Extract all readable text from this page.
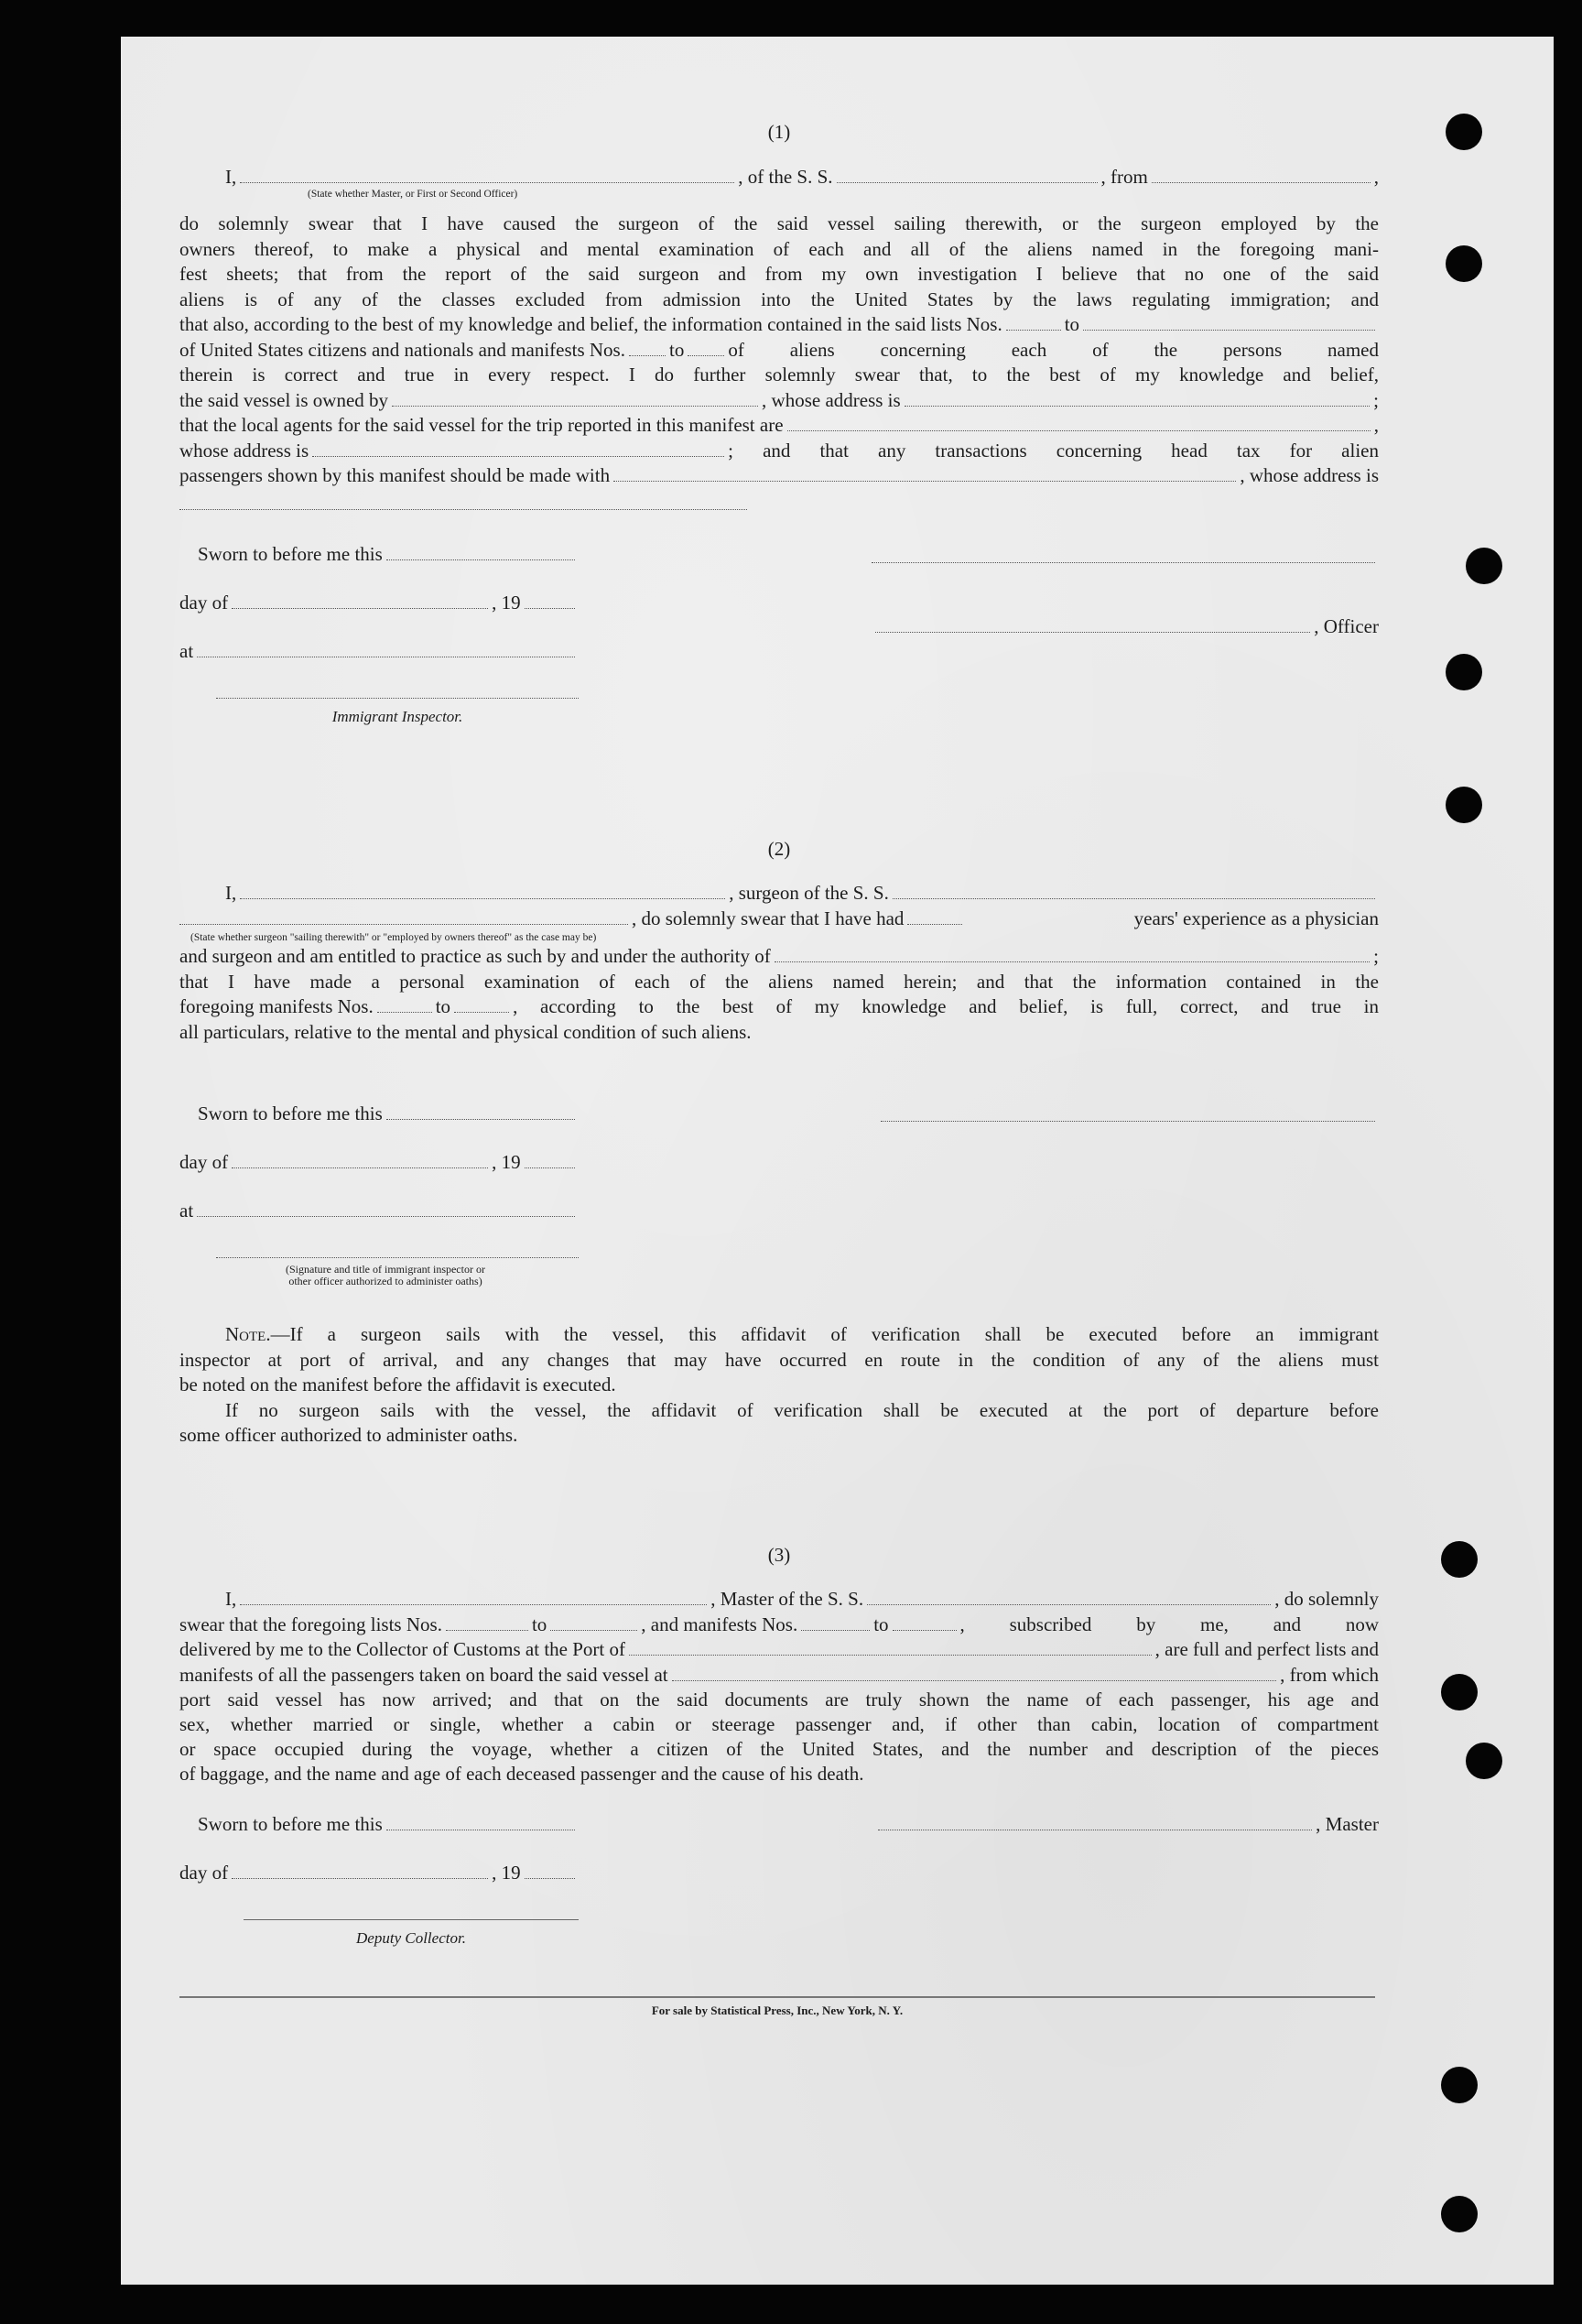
(1)
I,	, of the S. S.	, from	,
(State whether Master, or First or Second Officer)
do solemnly swear that I have caused the surgeon of the said vessel sailing therewith, or the surgeon employed by the
owners thereof, to make a physical and mental examination of each and all of the aliens named in the foregoing mani-
fest sheets; that from the report of the said surgeon and from my own investigation I believe that no one of the said
aliens is of any of the classes excluded from admission into the United States by the laws regulating immigration; and
that also, according to the best of my knowledge and belief, the information contained in the said lists Nos.	to
of United States citizens and nationals and manifests Nos. to of aliens concerning each of the persons named
therein is correct and true in every respect. I do further solemnly swear that, to the best of my knowledge and belief,
the said vessel is owned by	, whose address is	;
that the local agents for the said vessel for the trip reported in this manifest are	,
whose address is	; and that any transactions concerning head tax for alien
passengers shown by this manifest should be made with	, whose address is
Sworn to before me this
day of	, 19
at
Immigrant Inspector.
, Officer
(2)
I,	, surgeon of the S. S.
, do solemnly swear that I have had	years' experience as a physician
(State whether surgeon "sailing therewith" or "employed by owners thereof" as the case may be)
and surgeon and am entitled to practice as such by and under the authority of	;
that I have made a personal examination of each of the aliens named herein; and that the information contained in the
foregoing manifests Nos.	to	, according to the best of my knowledge and belief, is full, correct, and true in
all particulars, relative to the mental and physical condition of such aliens.
Sworn to before me this
day of	, 19
at
(Signature and title of immigrant inspector or
other officer authorized to administer oaths)
Note. —If a surgeon sails with the vessel, this affidavit of verification shall be executed before an immigrant
inspector at port of arrival, and any changes that may have occurred en route in the condition of any of the aliens must
be noted on the manifest before the affidavit is executed.
If no surgeon sails with the vessel, the affidavit of verification shall be executed at the port of departure before
some officer authorized to administer oaths.
(3)
I,	, Master of the S. S.	, do solemnly
swear that the foregoing lists Nos.	to	, and manifests Nos.	to	, subscribed by me, and now
delivered by me to the Collector of Customs at the Port of	, are full and perfect lists and
manifests of all the passengers taken on board the said vessel at	, from which
port said vessel has now arrived; and that on the said documents are truly shown the name of each passenger, his age and
sex, whether married or single, whether a cabin or steerage passenger and, if other than cabin, location of compartment
or space occupied during the voyage, whether a citizen of the United States, and the number and description of the pieces
of baggage, and the name and age of each deceased passenger and the cause of his death.
Sworn to before me this
day of	, 19
Deputy Collector.
, Master
For sale by Statistical Press, Inc., New York, N. Y.
